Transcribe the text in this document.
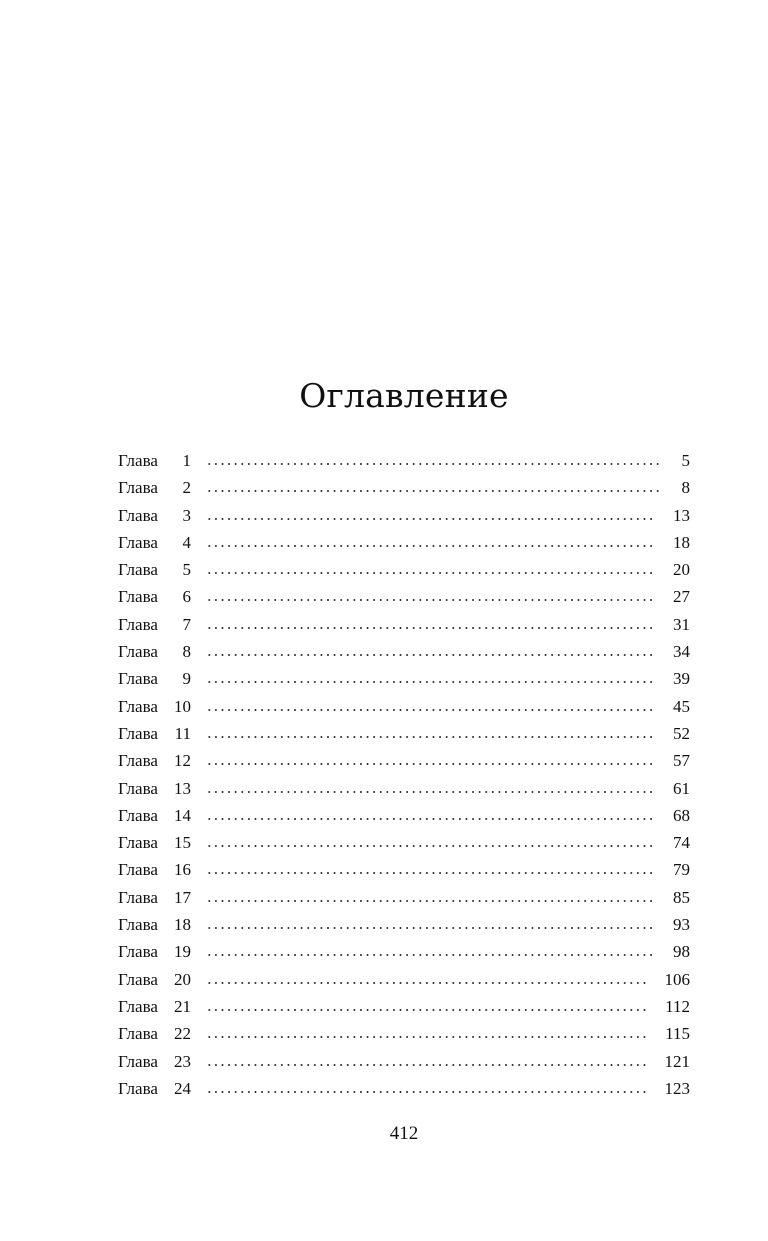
Оглавление
Глава	1	5
Глава	2	8
Глава	3	13
Глава	4	18
Глава	5	20
Глава	6	27
Глава	7	31
Глава	8	34
Глава	9	39
Глава 10	45
Глава 11	52
Глава 12	57
Глава 13	61
Глава 14	68
Глава 15	74
Глава 16	79
Глава 17	85
Глава 18	93
Глава 19	98
Глава 20	106
Глава 21	112
Глава 22	115
Глава 23	121
Глава 24	123
412
